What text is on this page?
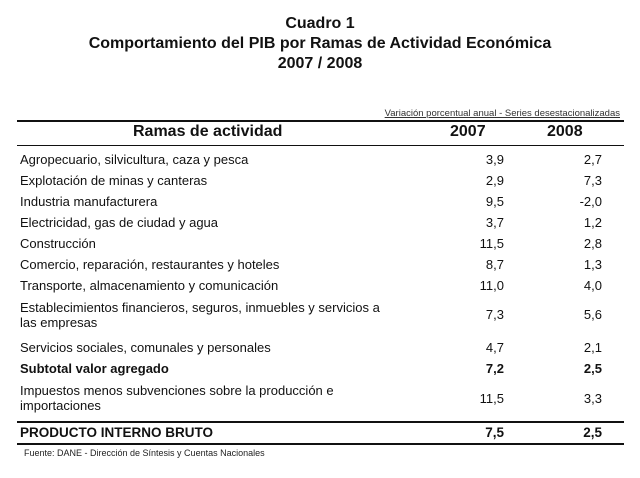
Cuadro 1
Comportamiento del PIB por Ramas de Actividad Económica
2007 / 2008
Variación porcentual anual - Series desestacionalizadas
Ramas de actividad	2007	2008
Agropecuario, silvicultura, caza y pesca	3,9	2,7
Explotación de minas y canteras	2,9	7,3
Industria manufacturera	9,5	-2,0
Electricidad, gas de ciudad y agua	3,7	1,2
Construcción	11,5	2,8
Comercio, reparación, restaurantes y hoteles	8,7	1,3
Transporte, almacenamiento y comunicación	11,0	4,0
Establecimientos financieros, seguros, inmuebles y servicios a las empresas
7,3	5,6
Servicios sociales, comunales y personales	4,7	2,1
Subtotal valor agregado	7,2	2,5
Impuestos menos subvenciones sobre la producción e importaciones	11,5	3,3
PRODUCTO INTERNO BRUTO	7,5	2,5
Fuente: DANE - Dirección de Síntesis y Cuentas Nacionales
